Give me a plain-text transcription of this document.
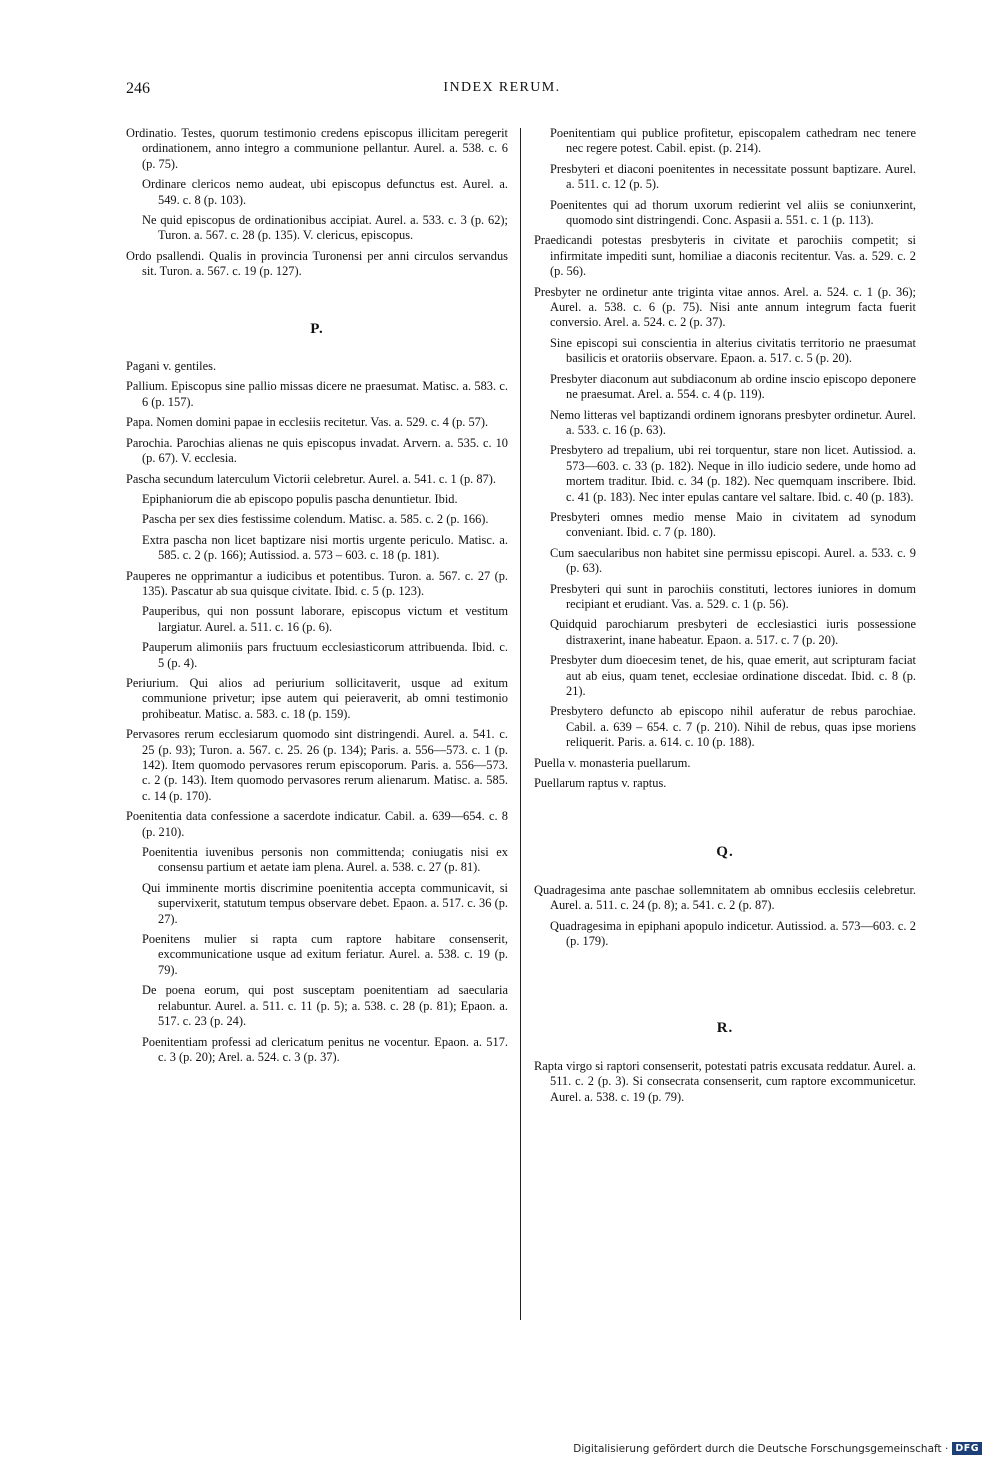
246	INDEX RERUM.

Ordinatio. Testes, quorum testimonio credens episcopus illicitam peregerit ordinationem, anno integro a communione pellantur. Aurel. a. 538. c. 6 (p. 75).

Ordinare clericos nemo audeat, ubi episcopus defunctus est. Aurel. a. 549. c. 8 (p. 103).

Ne quid episcopus de ordinationibus accipiat. Aurel. a. 533. c. 3 (p. 62); Turon. a. 567. c. 28 (p. 135). V. clericus, episcopus.

Ordo psallendi. Qualis in provincia Turonensi per anni circulos servandus sit. Turon. a. 567. c. 19 (p. 127).

P.

Pagani v. gentiles.

Pallium. Episcopus sine pallio missas dicere ne praesumat. Matisc. a. 583. c. 6 (p. 157).

Papa. Nomen domini papae in ecclesiis recitetur. Vas. a. 529. c. 4 (p. 57).

Parochia. Parochias alienas ne quis episcopus invadat. Arvern. a. 535. c. 10 (p. 67). V. ecclesia.

Pascha secundum laterculum Victorii celebretur. Aurel. a. 541. c. 1 (p. 87).

Epiphaniorum die ab episcopo populis pascha denuntietur. Ibid.

Pascha per sex dies festissime colendum. Matisc. a. 585. c. 2 (p. 166).

Extra pascha non licet baptizare nisi mortis urgente periculo. Matisc. a. 585. c. 2 (p. 166); Autissiod. a. 573 – 603. c. 18 (p. 181).

Pauperes ne opprimantur a iudicibus et potentibus. Turon. a. 567. c. 27 (p. 135). Pascatur ab sua quisque civitate. Ibid. c. 5 (p. 123).

Pauperibus, qui non possunt laborare, episcopus victum et vestitum largiatur. Aurel. a. 511. c. 16 (p. 6).

Pauperum alimoniis pars fructuum ecclesiasticorum attribuenda. Ibid. c. 5 (p. 4).

Periurium. Qui alios ad periurium sollicitaverit, usque ad exitum communione privetur; ipse autem qui peieraverit, ab omni testimonio prohibeatur. Matisc. a. 583. c. 18 (p. 159).

Pervasores rerum ecclesiarum quomodo sint distringendi. Aurel. a. 541. c. 25 (p. 93); Turon. a. 567. c. 25. 26 (p. 134); Paris. a. 556—573. c. 1 (p. 142). Item quomodo pervasores rerum episcoporum. Paris. a. 556—573. c. 2 (p. 143). Item quomodo pervasores rerum alienarum. Matisc. a. 585. c. 14 (p. 170).

Poenitentia data confessione a sacerdote indicatur. Cabil. a. 639—654. c. 8 (p. 210).

Poenitentia iuvenibus personis non committenda; coniugatis nisi ex consensu partium et aetate iam plena. Aurel. a. 538. c. 27 (p. 81).

Qui imminente mortis discrimine poenitentia accepta communicavit, si supervixerit, statutum tempus observare debet. Epaon. a. 517. c. 36 (p. 27).

Poenitens mulier si rapta cum raptore habitare consenserit, excommunicatione usque ad exitum feriatur. Aurel. a. 538. c. 19 (p. 79).

De poena eorum, qui post susceptam poenitentiam ad saecularia relabuntur. Aurel. a. 511. c. 11 (p. 5); a. 538. c. 28 (p. 81); Epaon. a. 517. c. 23 (p. 24).

Poenitentiam professi ad clericatum penitus ne vocentur. Epaon. a. 517. c. 3 (p. 20); Arel. a. 524. c. 3 (p. 37).

Poenitentiam qui publice profitetur, episcopalem cathedram nec tenere nec regere potest. Cabil. epist. (p. 214).

Presbyteri et diaconi poenitentes in necessitate possunt baptizare. Aurel. a. 511. c. 12 (p. 5).

Poenitentes qui ad thorum uxorum redierint vel aliis se coniunxerint, quomodo sint distringendi. Conc. Aspasii a. 551. c. 1 (p. 113).

Praedicandi potestas presbyteris in civitate et parochiis competit; si infirmitate impediti sunt, homiliae a diaconis recitentur. Vas. a. 529. c. 2 (p. 56).

Presbyter ne ordinetur ante triginta vitae annos. Arel. a. 524. c. 1 (p. 36); Aurel. a. 538. c. 6 (p. 75). Nisi ante annum integrum facta fuerit conversio. Arel. a. 524. c. 2 (p. 37).

Sine episcopi sui conscientia in alterius civitatis territorio ne praesumat basilicis et oratoriis observare. Epaon. a. 517. c. 5 (p. 20).

Presbyter diaconum aut subdiaconum ab ordine inscio episcopo deponere ne praesumat. Arel. a. 554. c. 4 (p. 119).

Nemo litteras vel baptizandi ordinem ignorans presbyter ordinetur. Aurel. a. 533. c. 16 (p. 63).

Presbytero ad trepalium, ubi rei torquentur, stare non licet. Autissiod. a. 573—603. c. 33 (p. 182). Neque in illo iudicio sedere, unde homo ad mortem traditur. Ibid. c. 34 (p. 182). Nec quemquam inscribere. Ibid. c. 41 (p. 183). Nec inter epulas cantare vel saltare. Ibid. c. 40 (p. 183).

Presbyteri omnes medio mense Maio in civitatem ad synodum conveniant. Ibid. c. 7 (p. 180).

Cum saecularibus non habitet sine permissu episcopi. Aurel. a. 533. c. 9 (p. 63).

Presbyteri qui sunt in parochiis constituti, lectores iuniores in domum recipiant et erudiant. Vas. a. 529. c. 1 (p. 56).

Quidquid parochiarum presbyteri de ecclesiastici iuris possessione distraxerint, inane habeatur. Epaon. a. 517. c. 7 (p. 20).

Presbyter dum dioecesim tenet, de his, quae emerit, aut scripturam faciat aut ab eius, quam tenet, ecclesiae ordinatione discedat. Ibid. c. 8 (p. 21).

Presbytero defuncto ab episcopo nihil auferatur de rebus parochiae. Cabil. a. 639 – 654. c. 7 (p. 210). Nihil de rebus, quas ipse moriens reliquerit. Paris. a. 614. c. 10 (p. 188).

Puella v. monasteria puellarum.

Puellarum raptus v. raptus.

Q.

Quadragesima ante paschae sollemnitatem ab omnibus ecclesiis celebretur. Aurel. a. 511. c. 24 (p. 8); a. 541. c. 2 (p. 87).

Quadragesima in epiphani apopulo indicetur. Autissiod. a. 573—603. c. 2 (p. 179).

R.

Rapta virgo si raptori consenserit, potestati patris excusata reddatur. Aurel. a. 511. c. 2 (p. 3). Si consecrata consenserit, cum raptore excommunicetur. Aurel. a. 538. c. 19 (p. 79).

Digitalisierung gefördert durch die Deutsche Forschungsgemeinschaft · DFG
